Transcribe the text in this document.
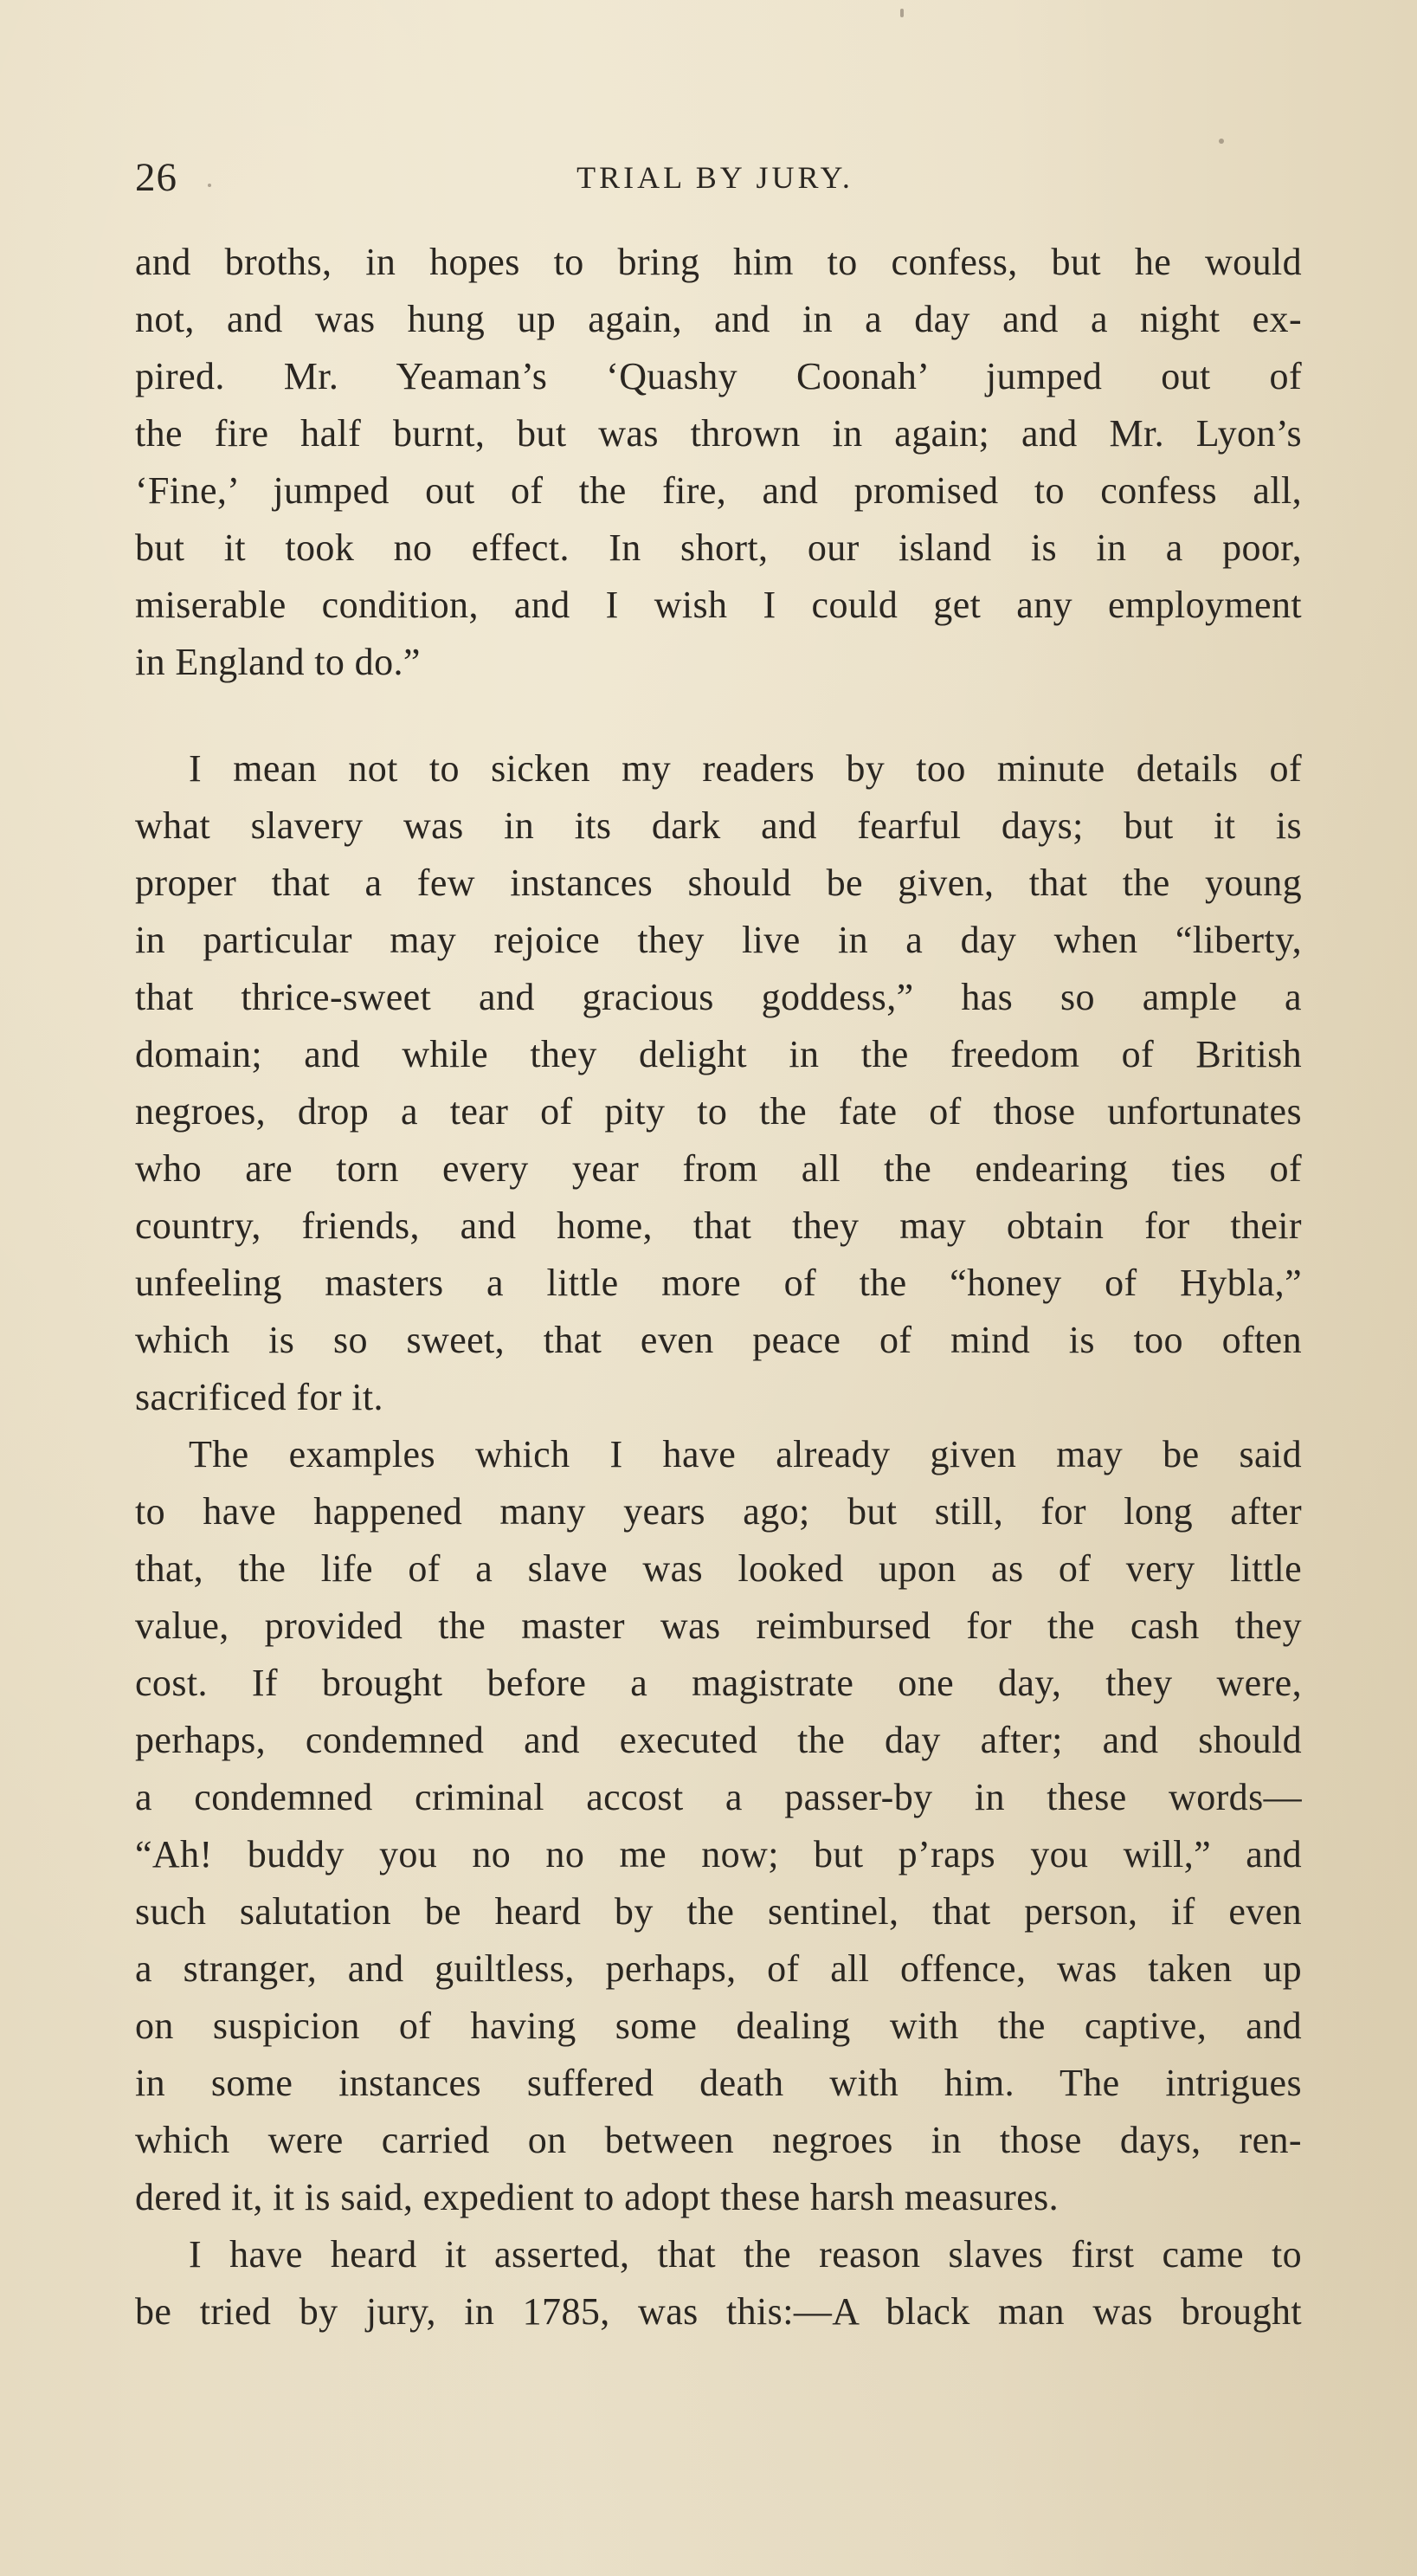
26	TRIAL BY JURY.
and broths, in hopes to bring him to confess, but he would
not, and was hung up again, and in a day and a night ex-
pired. Mr. Yeaman’s ‘Quashy Coonah’ jumped out of
the fire half burnt, but was thrown in again; and Mr. Lyon’s
‘Fine,’ jumped out of the fire, and promised to confess all,
but it took no effect. In short, our island is in a poor,
miserable condition, and I wish I could get any employment
in England to do.”
I mean not to sicken my readers by too minute details of
what slavery was in its dark and fearful days; but it is
proper that a few instances should be given, that the young
in particular may rejoice they live in a day when “liberty,
that thrice-sweet and gracious goddess,” has so ample a
domain; and while they delight in the freedom of British
negroes, drop a tear of pity to the fate of those unfortunates
who are torn every year from all the endearing ties of
country, friends, and home, that they may obtain for their
unfeeling masters a little more of the “honey of Hybla,”
which is so sweet, that even peace of mind is too often
sacrificed for it.
The examples which I have already given may be said
to have happened many years ago; but still, for long after
that, the life of a slave was looked upon as of very little
value, provided the master was reimbursed for the cash they
cost. If brought before a magistrate one day, they were,
perhaps, condemned and executed the day after; and should
a condemned criminal accost a passer-by in these words—
“Ah! buddy you no no me now; but p’raps you will,” and
such salutation be heard by the sentinel, that person, if even
a stranger, and guiltless, perhaps, of all offence, was taken up
on suspicion of having some dealing with the captive, and
in some instances suffered death with him. The intrigues
which were carried on between negroes in those days, ren-
dered it, it is said, expedient to adopt these harsh measures.
I have heard it asserted, that the reason slaves first came to
be tried by jury, in 1785, was this:—A black man was brought
